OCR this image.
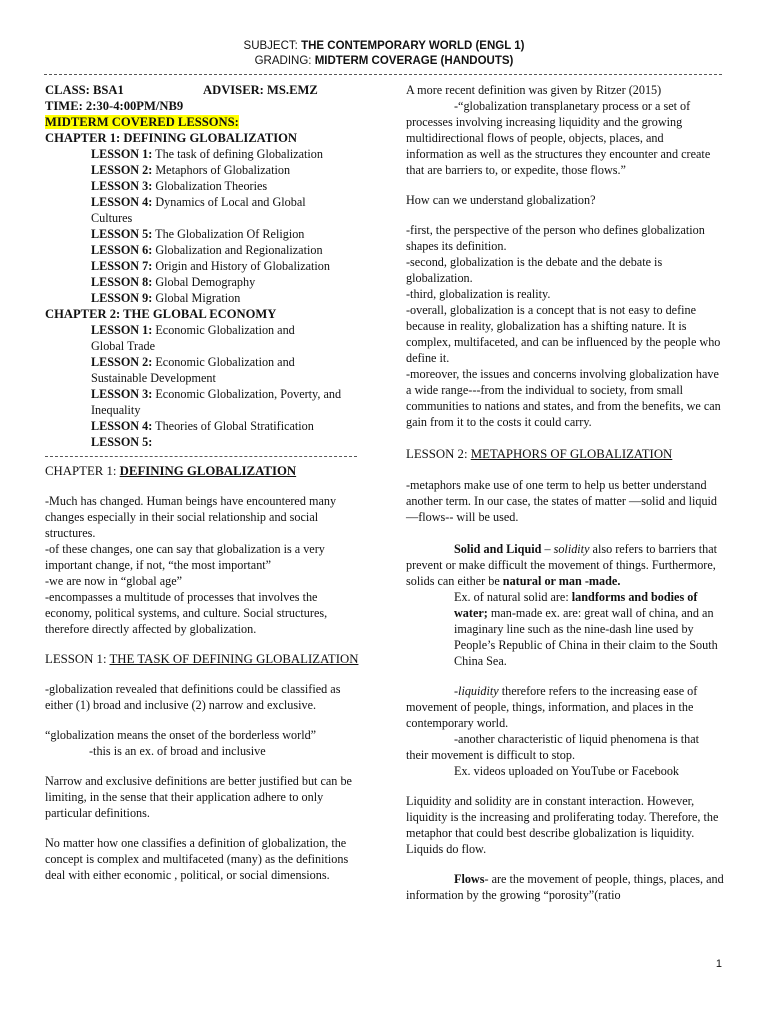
SUBJECT: THE CONTEMPORARY WORLD (ENGL 1)
GRADING: MIDTERM COVERAGE (HANDOUTS)
CLASS: BSA1	ADVISER: MS.EMZ
TIME: 2:30-4:00PM/NB9
MIDTERM COVERED LESSONS:
CHAPTER 1: DEFINING GLOBALIZATION
LESSON 1: The task of defining Globalization
LESSON 2: Metaphors of Globalization
LESSON 3: Globalization Theories
LESSON 4: Dynamics of Local and Global Cultures
LESSON 5: The Globalization Of Religion
LESSON 6: Globalization and Regionalization
LESSON 7: Origin and History of Globalization
LESSON 8: Global Demography
LESSON 9: Global Migration
CHAPTER 2: THE GLOBAL ECONOMY
LESSON 1: Economic Globalization and Global Trade
LESSON 2: Economic Globalization and Sustainable Development
LESSON 3: Economic Globalization, Poverty, and Inequality
LESSON 4: Theories of Global Stratification
LESSON 5:
CHAPTER 1: DEFINING GLOBALIZATION
-Much has changed. Human beings have encountered many changes especially in their social relationship and social structures.
-of these changes, one can say that globalization is a very important change, if not, “the most important”
-we are now in “global age”
-encompasses a multitude of processes that involves the economy, political systems, and culture. Social structures, therefore directly affected by globalization.
LESSON 1: THE TASK OF DEFINING GLOBALIZATION
-globalization revealed that definitions could be classified as either (1) broad and inclusive (2) narrow and exclusive.
“globalization means the onset of the borderless world”
-this is an ex. of broad and inclusive
Narrow and exclusive definitions are better justified but can be limiting, in the sense that their application adhere to only particular definitions.
No matter how one classifies a definition of globalization, the concept is complex and multifaceted (many) as the definitions deal with either economic , political, or social dimensions.
A more recent definition was given by Ritzer (2015)
-“globalization transplanetary process or a set of processes involving increasing liquidity and the growing multidirectional flows of people, objects, places, and information as well as the structures they encounter and create that are barriers to, or expedite, those flows.”
How can we understand globalization?
-first, the perspective of the person who defines globalization shapes its definition.
-second, globalization is the debate and the debate is globalization.
-third, globalization is reality.
-overall, globalization is a concept that is not easy to define because in reality, globalization has a shifting nature. It is complex, multifaceted, and can be influenced by the people who define it.
-moreover, the issues and concerns involving globalization have a wide range---from the individual to society, from small communities to nations and states, and from the benefits, we can gain from it to the costs it could carry.
LESSON 2: METAPHORS OF GLOBALIZATION
-metaphors make use of one term to help us better understand another term. In our case, the states of matter —solid and liquid—flows-- will be used.
Solid and Liquid – solidity also refers to barriers that prevent or make difficult the movement of things. Furthermore, solids can either be natural or man -made.
Ex. of natural solid are: landforms and bodies of water; man-made ex. are: great wall of china, and an imaginary line such as the nine-dash line used by People’s Republic of China in their claim to the South China Sea.
-liquidity therefore refers to the increasing ease of movement of people, things, information, and places in the contemporary world.
-another characteristic of liquid phenomena is that their movement is difficult to stop.
Ex. videos uploaded on YouTube or Facebook
Liquidity and solidity are in constant interaction. However, liquidity is the increasing and proliferating today. Therefore, the metaphor that could best describe globalization is liquidity. Liquids do flow.
Flows- are the movement of people, things, places, and information by the growing “porosity”(ratio
1
